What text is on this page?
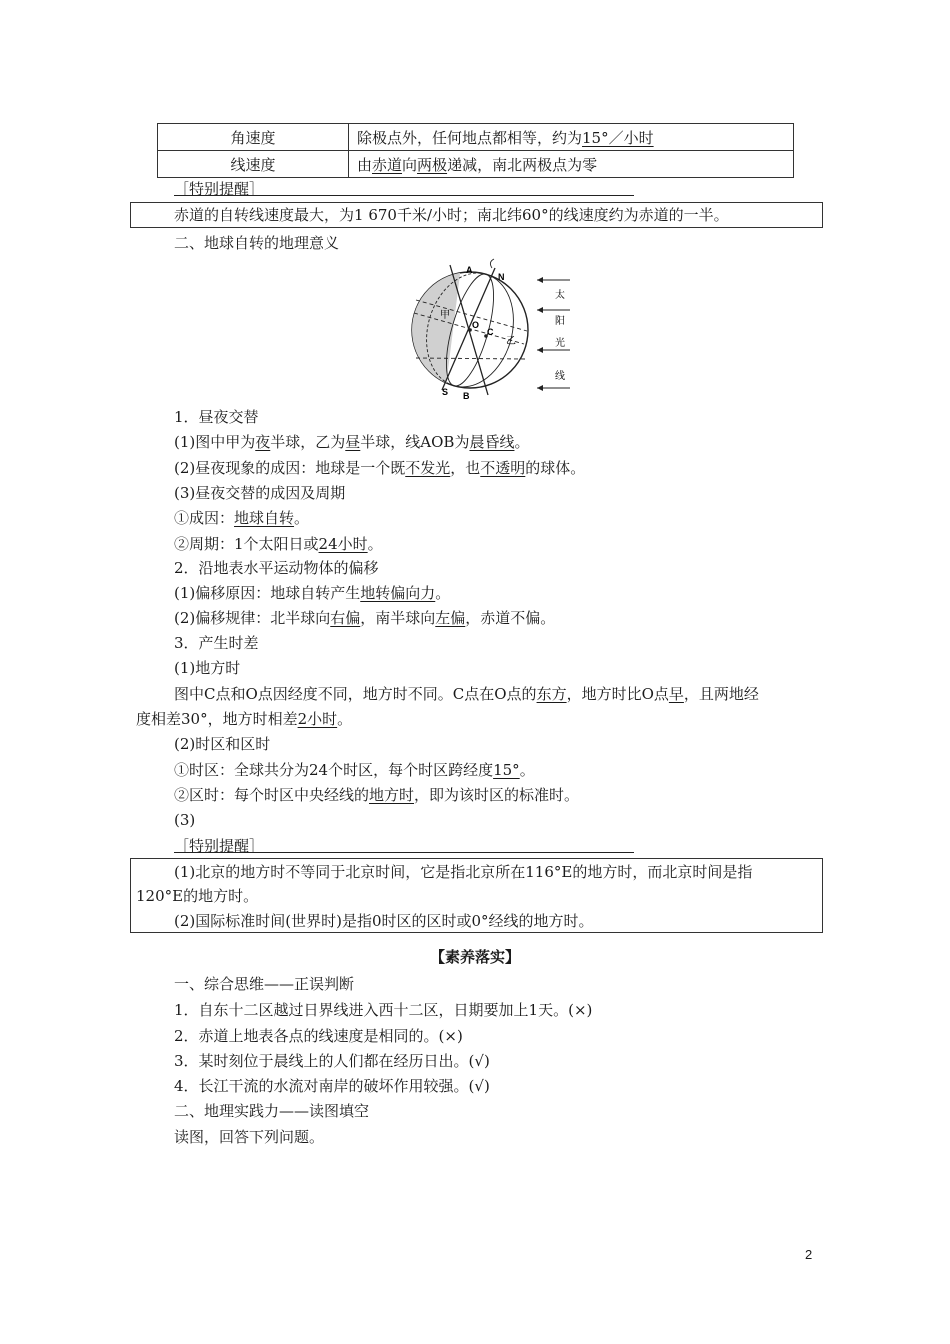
角速度	除极点外，任何地点都相等，约为15°／小时
线速度	由赤道向两极递减，南北两极点为零
［特别提醒］
赤道的自转线速度最大，为1 670千米/小时；南北纬60°的线速度约为赤道的一半。
二、地球自转的地理意义
A
N
O
C
S B
甲
乙
太
阳
光
线
1．昼夜交替
(1)图中甲为夜半球，乙为昼半球，线AOB为晨昏线。
(2)昼夜现象的成因：地球是一个既不发光，也不透明的球体。
(3)昼夜交替的成因及周期
①成因：地球自转。
②周期：1个太阳日或24小时。
2．沿地表水平运动物体的偏移
(1)偏移原因：地球自转产生地转偏向力。
(2)偏移规律：北半球向右偏，南半球向左偏，赤道不偏。
3．产生时差
(1)地方时
图中C点和O点因经度不同，地方时不同。C点在O点的东方，地方时比O点早，且两地经
度相差30°，地方时相差2小时。
(2)时区和区时
①时区：全球共分为24个时区，每个时区跨经度15°。
②区时：每个时区中央经线的地方时，即为该时区的标准时。
(3)
［特别提醒］
(1)北京的地方时不等同于北京时间，它是指北京所在116°E的地方时，而北京时间是指
120°E的地方时。
(2)国际标准时间(世界时)是指0时区的区时或0°经线的地方时。
【素养落实】
一、综合思维——正误判断
1．自东十二区越过日界线进入西十二区，日期要加上1天。(×)
2．赤道上地表各点的线速度是相同的。(×)
3．某时刻位于晨线上的人们都在经历日出。(√)
4．长江干流的水流对南岸的破坏作用较强。(√)
二、地理实践力——读图填空
读图，回答下列问题。
2
